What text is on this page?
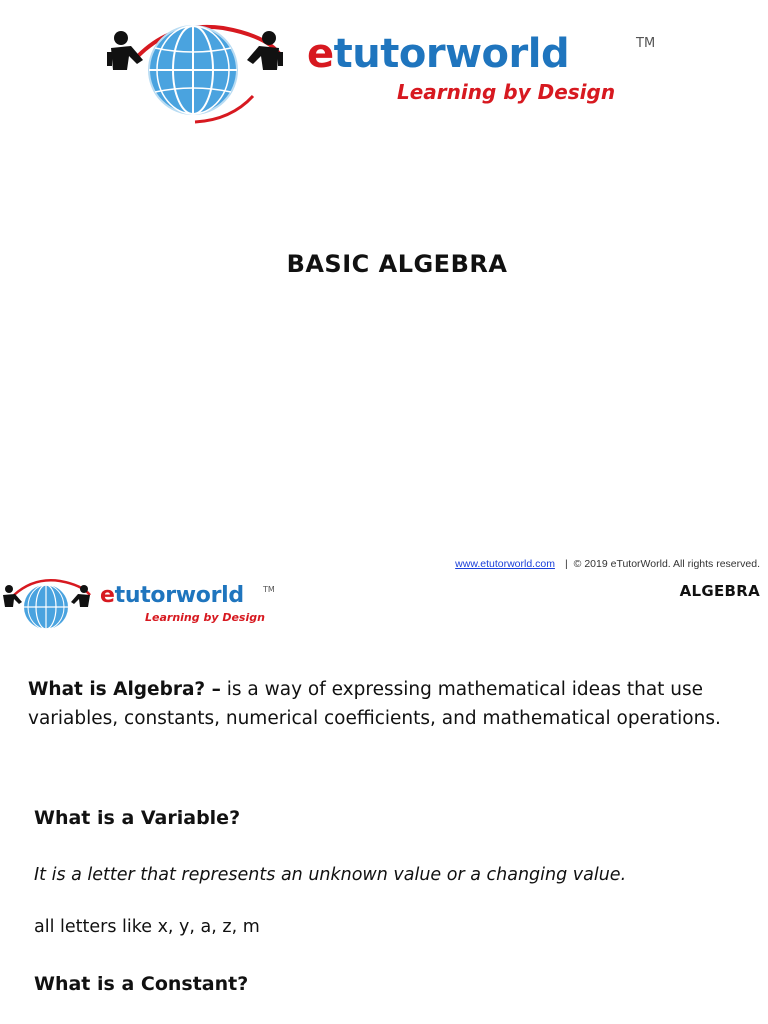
etutorworld	TM
Learning by Design
BASIC ALGEBRA
www.etutorworld.com | © 2019 eTutorWorld. All rights reserved.
ALGEBRA
etutorworld TM
Learning by Design

What is Algebra? – is a way of expressing mathematical ideas that use variables, constants, numerical coefficients, and mathematical operations.

What is a Variable?

It is a letter that represents an unknown value or a changing value.

all letters like x, y, a, z, m

What is a Constant?
